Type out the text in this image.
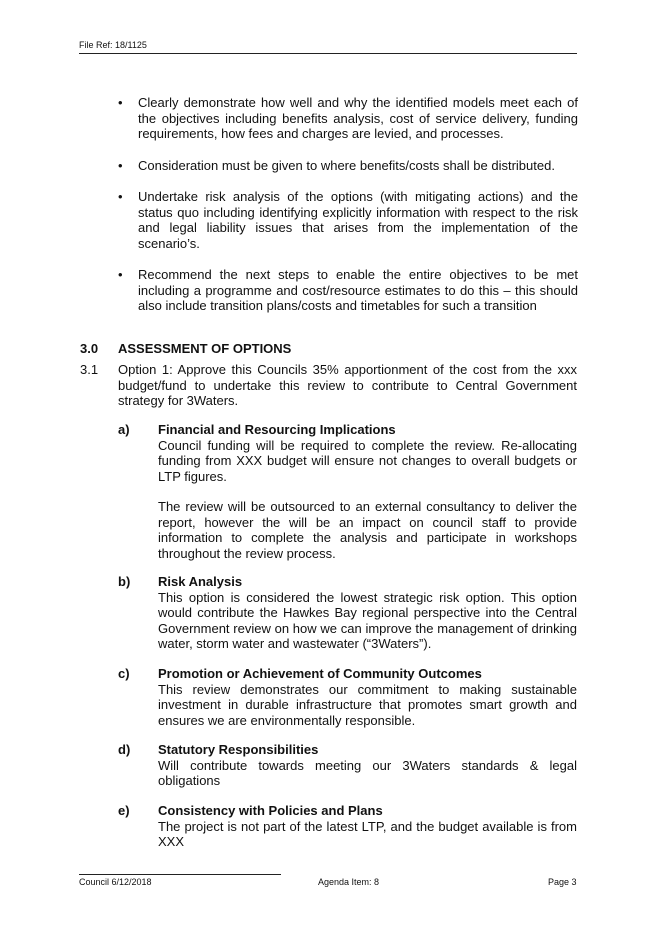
File Ref: 18/1125
• Clearly demonstrate how well and why the identified models meet each of the objectives including benefits analysis, cost of service delivery, funding requirements, how fees and charges are levied, and processes.
• Consideration must be given to where benefits/costs shall be distributed.
• Undertake risk analysis of the options (with mitigating actions) and the status quo including identifying explicitly information with respect to the risk and legal liability issues that arises from the implementation of the scenario’s.
• Recommend the next steps to enable the entire objectives to be met including a programme and cost/resource estimates to do this – this should also include transition plans/costs and timetables for such a transition
3.0 ASSESSMENT OF OPTIONS
3.1 Option 1: Approve this Councils 35% apportionment of the cost from the xxx budget/fund to undertake this review to contribute to Central Government strategy for 3Waters.
a) Financial and Resourcing Implications

Council funding will be required to complete the review. Re-allocating funding from XXX budget will ensure not changes to overall budgets or LTP figures.

The review will be outsourced to an external consultancy to deliver the report, however the will be an impact on council staff to provide information to complete the analysis and participate in workshops throughout the review process.

b) Risk Analysis

This option is considered the lowest strategic risk option. This option would contribute the Hawkes Bay regional perspective into the Central Government review on how we can improve the management of drinking water, storm water and wastewater (“3Waters”).

c) Promotion or Achievement of Community Outcomes

This review demonstrates our commitment to making sustainable investment in durable infrastructure that promotes smart growth and ensures we are environmentally responsible.

d) Statutory Responsibilities

Will contribute towards meeting our 3Waters standards & legal obligations

e) Consistency with Policies and Plans

The project is not part of the latest LTP, and the budget available is from XXX

Council 6/12/2018	Agenda Item: 8	Page 3
